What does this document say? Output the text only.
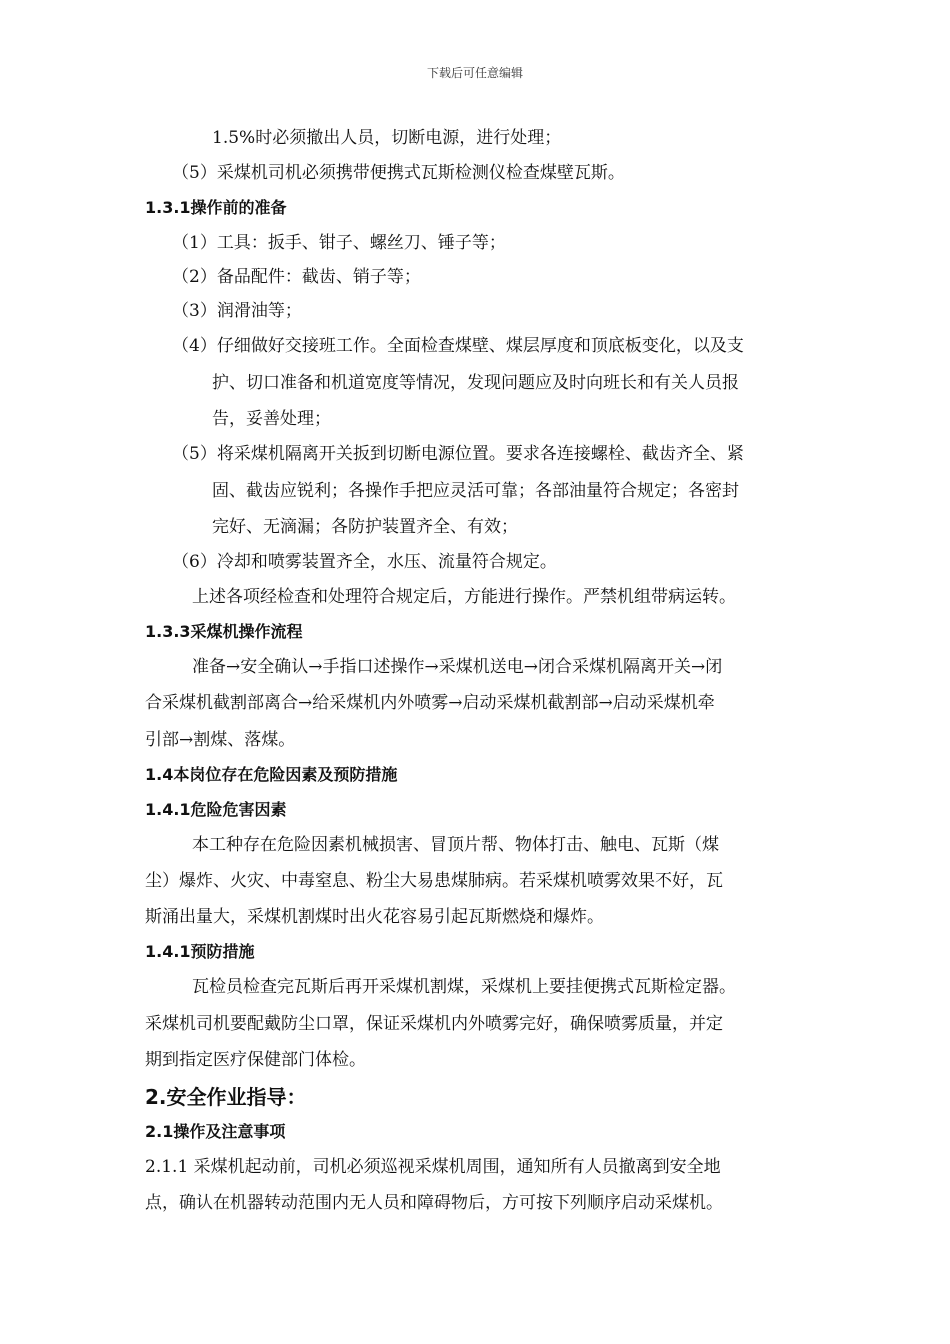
下载后可任意编辑
1.5%时必须撤出人员，切断电源，进行处理；
（5）采煤机司机必须携带便携式瓦斯检测仪检查煤壁瓦斯。
1.3.1操作前的准备
（1）工具：扳手、钳子、螺丝刀、锤子等；
（2）备品配件：截齿、销子等；
（3）润滑油等；
（4）仔细做好交接班工作。全面检查煤壁、煤层厚度和顶底板变化，以及支
护、切口准备和机道宽度等情况，发现问题应及时向班长和有关人员报
告，妥善处理；
（5）将采煤机隔离开关扳到切断电源位置。要求各连接螺栓、截齿齐全、紧
固、截齿应锐利；各操作手把应灵活可靠；各部油量符合规定；各密封
完好、无滴漏；各防护装置齐全、有效；
（6）冷却和喷雾装置齐全，水压、流量符合规定。
上述各项经检查和处理符合规定后，方能进行操作。严禁机组带病运转。
1.3.3采煤机操作流程
准备→安全确认→手指口述操作→采煤机送电→闭合采煤机隔离开关→闭
合采煤机截割部离合→给采煤机内外喷雾→启动采煤机截割部→启动采煤机牵
引部→割煤、落煤。
1.4本岗位存在危险因素及预防措施
1.4.1危险危害因素
本工种存在危险因素机械损害、冒顶片帮、物体打击、触电、瓦斯（煤
尘）爆炸、火灾、中毒窒息、粉尘大易患煤肺病。若采煤机喷雾效果不好，瓦
斯涌出量大，采煤机割煤时出火花容易引起瓦斯燃烧和爆炸。
1.4.1预防措施
瓦检员检查完瓦斯后再开采煤机割煤，采煤机上要挂便携式瓦斯检定器。
采煤机司机要配戴防尘口罩，保证采煤机内外喷雾完好，确保喷雾质量，并定
期到指定医疗保健部门体检。
2.安全作业指导：
2.1操作及注意事项
2.1.1 采煤机起动前，司机必须巡视采煤机周围，通知所有人员撤离到安全地
点，确认在机器转动范围内无人员和障碍物后，方可按下列顺序启动采煤机。
